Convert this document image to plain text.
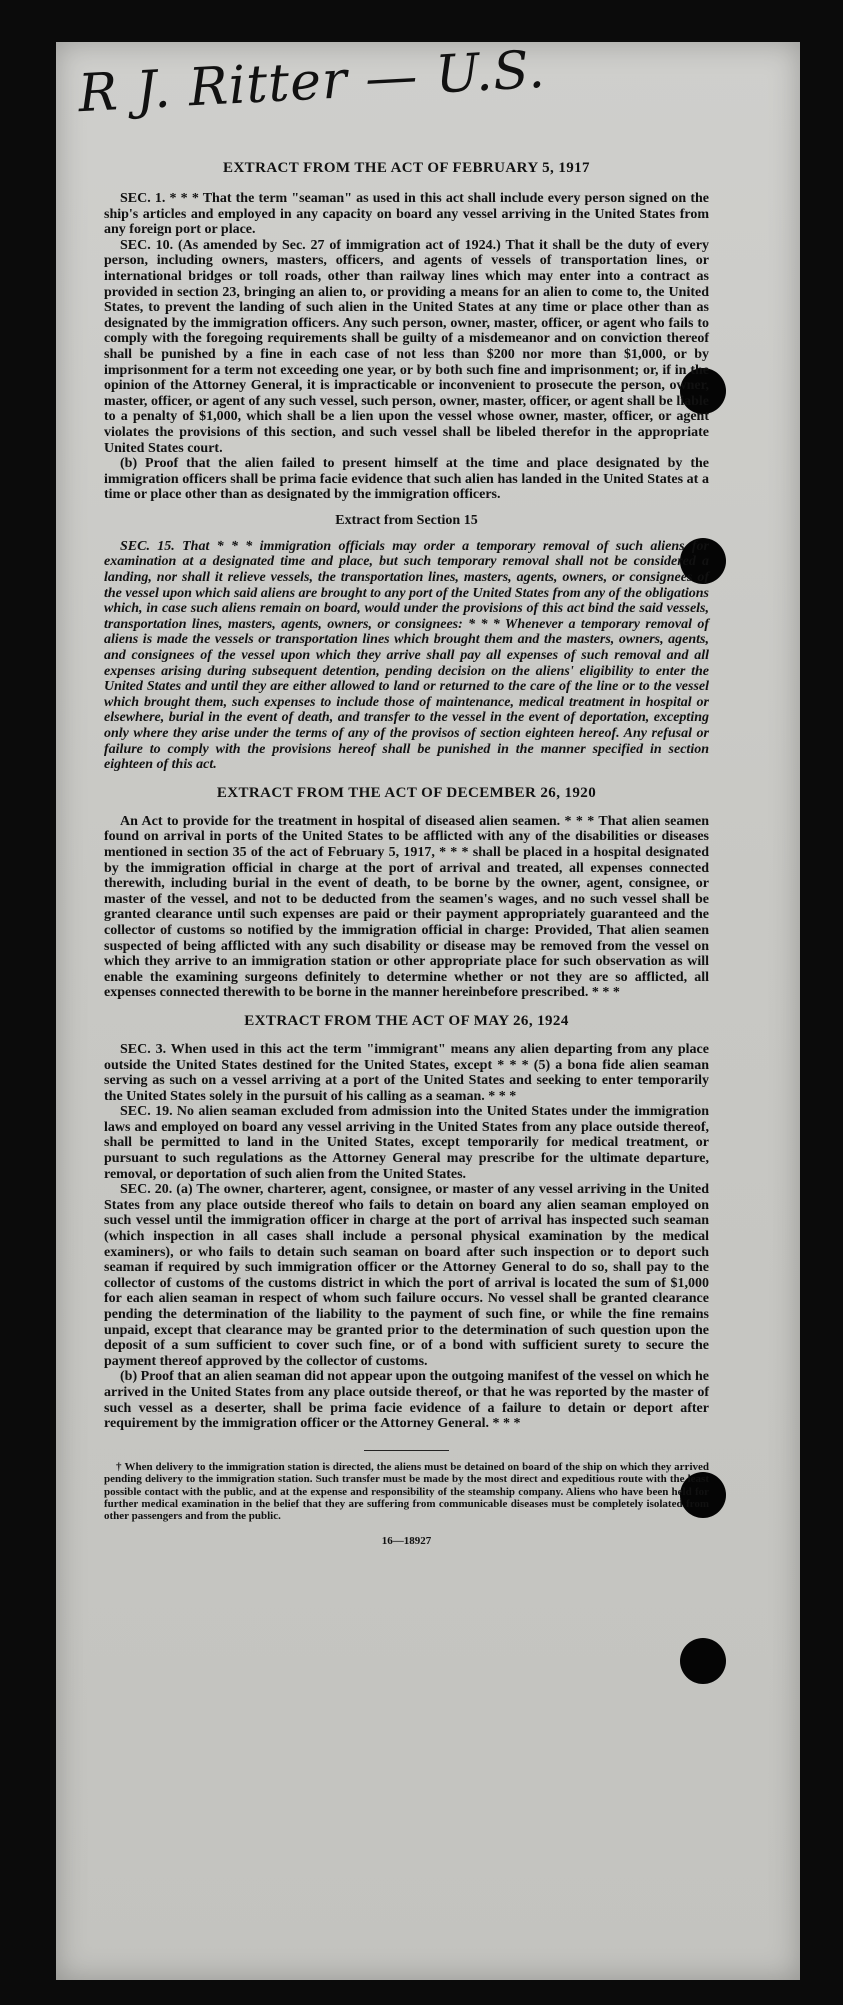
R J. Ritter — U.S.
EXTRACT FROM THE ACT OF FEBRUARY 5, 1917

SEC. 1. * * * That the term "seaman" as used in this act shall include every person signed on the ship's articles and employed in any capacity on board any vessel arriving in the United States from any foreign port or place.

SEC. 10. (As amended by Sec. 27 of immigration act of 1924.) That it shall be the duty of every person, including owners, masters, officers, and agents of vessels of transportation lines, or international bridges or toll roads, other than railway lines which may enter into a contract as provided in section 23, bringing an alien to, or providing a means for an alien to come to, the United States, to prevent the landing of such alien in the United States at any time or place other than as designated by the immigration officers. Any such person, owner, master, officer, or agent who fails to comply with the foregoing requirements shall be guilty of a misdemeanor and on conviction thereof shall be punished by a fine in each case of not less than $200 nor more than $1,000, or by imprisonment for a term not exceeding one year, or by both such fine and imprisonment; or, if in the opinion of the Attorney General, it is impracticable or inconvenient to prosecute the person, owner, master, officer, or agent of any such vessel, such person, owner, master, officer, or agent shall be liable to a penalty of $1,000, which shall be a lien upon the vessel whose owner, master, officer, or agent violates the provisions of this section, and such vessel shall be libeled therefor in the appropriate United States court.

(b) Proof that the alien failed to present himself at the time and place designated by the immigration officers shall be prima facie evidence that such alien has landed in the United States at a time or place other than as designated by the immigration officers.

Extract from Section 15

SEC. 15. That * * * immigration officials may order a temporary removal of such aliens for examination at a designated time and place, but such temporary removal shall not be considered a landing, nor shall it relieve vessels, the transportation lines, masters, agents, owners, or consignees of the vessel upon which said aliens are brought to any port of the United States from any of the obligations which, in case such aliens remain on board, would under the provisions of this act bind the said vessels, transportation lines, masters, agents, owners, or consignees: * * * Whenever a temporary removal of aliens is made the vessels or transportation lines which brought them and the masters, owners, agents, and consignees of the vessel upon which they arrive shall pay all expenses of such removal and all expenses arising during subsequent detention, pending decision on the aliens' eligibility to enter the United States and until they are either allowed to land or returned to the care of the line or to the vessel which brought them, such expenses to include those of maintenance, medical treatment in hospital or elsewhere, burial in the event of death, and transfer to the vessel in the event of deportation, excepting only where they arise under the terms of any of the provisos of section eighteen hereof. Any refusal or failure to comply with the provisions hereof shall be punished in the manner specified in section eighteen of this act.

EXTRACT FROM THE ACT OF DECEMBER 26, 1920

An Act to provide for the treatment in hospital of diseased alien seamen. * * * That alien seamen found on arrival in ports of the United States to be afflicted with any of the disabilities or diseases mentioned in section 35 of the act of February 5, 1917, * * * shall be placed in a hospital designated by the immigration official in charge at the port of arrival and treated, all expenses connected therewith, including burial in the event of death, to be borne by the owner, agent, consignee, or master of the vessel, and not to be deducted from the seamen's wages, and no such vessel shall be granted clearance until such expenses are paid or their payment appropriately guaranteed and the collector of customs so notified by the immigration official in charge: Provided, That alien seamen suspected of being afflicted with any such disability or disease may be removed from the vessel on which they arrive to an immigration station or other appropriate place for such observation as will enable the examining surgeons definitely to determine whether or not they are so afflicted, all expenses connected therewith to be borne in the manner hereinbefore prescribed. * * *

EXTRACT FROM THE ACT OF MAY 26, 1924

SEC. 3. When used in this act the term "immigrant" means any alien departing from any place outside the United States destined for the United States, except * * * (5) a bona fide alien seaman serving as such on a vessel arriving at a port of the United States and seeking to enter temporarily the United States solely in the pursuit of his calling as a seaman. * * *

SEC. 19. No alien seaman excluded from admission into the United States under the immigration laws and employed on board any vessel arriving in the United States from any place outside thereof, shall be permitted to land in the United States, except temporarily for medical treatment, or pursuant to such regulations as the Attorney General may prescribe for the ultimate departure, removal, or deportation of such alien from the United States.

SEC. 20. (a) The owner, charterer, agent, consignee, or master of any vessel arriving in the United States from any place outside thereof who fails to detain on board any alien seaman employed on such vessel until the immigration officer in charge at the port of arrival has inspected such seaman (which inspection in all cases shall include a personal physical examination by the medical examiners), or who fails to detain such seaman on board after such inspection or to deport such seaman if required by such immigration officer or the Attorney General to do so, shall pay to the collector of customs of the customs district in which the port of arrival is located the sum of $1,000 for each alien seaman in respect of whom such failure occurs. No vessel shall be granted clearance pending the determination of the liability to the payment of such fine, or while the fine remains unpaid, except that clearance may be granted prior to the determination of such question upon the deposit of a sum sufficient to cover such fine, or of a bond with sufficient surety to secure the payment thereof approved by the collector of customs.

(b) Proof that an alien seaman did not appear upon the outgoing manifest of the vessel on which he arrived in the United States from any place outside thereof, or that he was reported by the master of such vessel as a deserter, shall be prima facie evidence of a failure to detain or deport after requirement by the immigration officer or the Attorney General. * * *

† When delivery to the immigration station is directed, the aliens must be detained on board of the ship on which they arrived pending delivery to the immigration station. Such transfer must be made by the most direct and expeditious route with the least possible contact with the public, and at the expense and responsibility of the steamship company. Aliens who have been held for further medical examination in the belief that they are suffering from communicable diseases must be completely isolated from other passengers and from the public.

16—18927
